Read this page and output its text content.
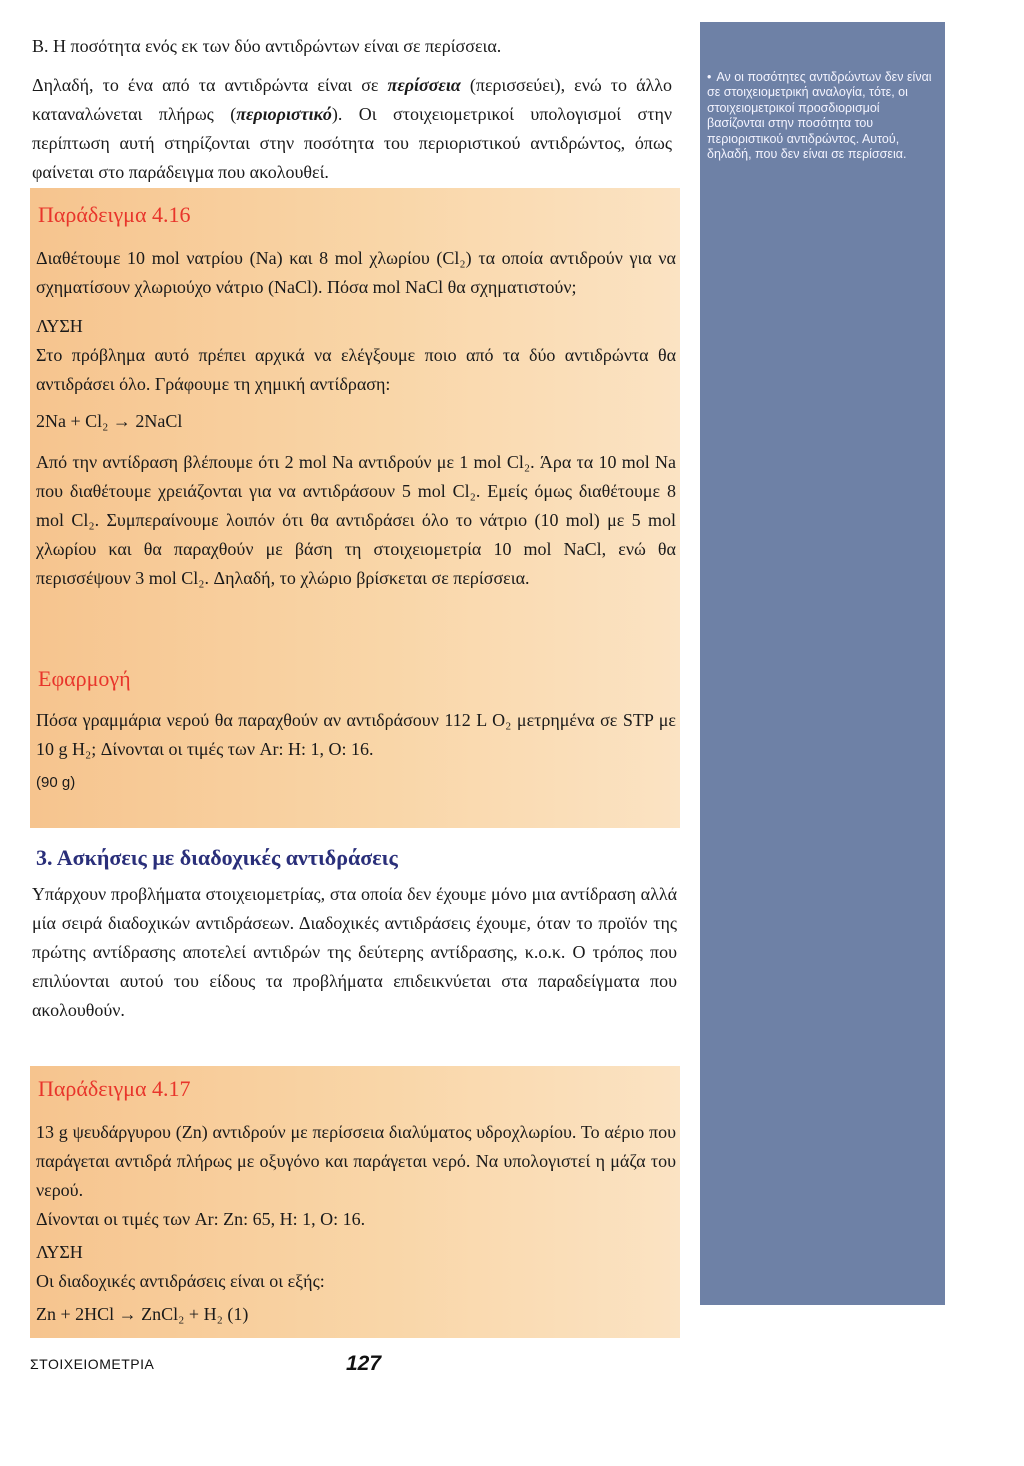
• Αν οι ποσότητες αντιδρώντων δεν είναι σε στοιχειομετρική αναλογία, τότε, οι στοιχειομετρικοί προσδιορισμοί βασίζονται στην ποσότητα του περιοριστικού αντιδρώντος. Αυτού, δηλαδή, που δεν είναι σε περίσσεια.

Β. Η ποσότητα ενός εκ των δύο αντιδρώντων είναι σε περίσσεια.

Δηλαδή, το ένα από τα αντιδρώντα είναι σε περίσσεια (περισσεύει), ενώ το άλλο καταναλώνεται πλήρως (περιοριστικό). Οι στοιχειομετρικοί υπολογισμοί στην περίπτωση αυτή στηρίζονται στην ποσότητα του περιοριστικού αντιδρώντος, όπως φαίνεται στο παράδειγμα που ακολουθεί.

Παράδειγμα 4.16

Διαθέτουμε 10 mol νατρίου (Na) και 8 mol χλωρίου (Cl₂) τα οποία αντιδρούν για να σχηματίσουν χλωριούχο νάτριο (NaCl). Πόσα mol NaCl θα σχηματιστούν;

ΛΥΣΗ

Στο πρόβλημα αυτό πρέπει αρχικά να ελέγξουμε ποιο από τα δύο αντιδρώντα θα αντιδράσει όλο. Γράφουμε τη χημική αντίδραση:

2Na + Cl₂ → 2NaCl

Από την αντίδραση βλέπουμε ότι 2 mol Na αντιδρούν με 1 mol Cl₂. Άρα τα 10 mol Na που διαθέτουμε χρειάζονται για να αντιδράσουν 5 mol Cl₂. Εμείς όμως διαθέτουμε 8 mol Cl₂. Συμπεραίνουμε λοιπόν ότι θα αντιδράσει όλο το νάτριο (10 mol) με 5 mol χλωρίου και θα παραχθούν με βάση τη στοιχειομετρία 10 mol NaCl, ενώ θα περισσέψουν 3 mol Cl₂. Δηλαδή, το χλώριο βρίσκεται σε περίσσεια.

Εφαρμογή

Πόσα γραμμάρια νερού θα παραχθούν αν αντιδράσουν 112 L O₂ μετρημένα σε STP με 10 g H₂; Δίνονται οι τιμές των Ar: H: 1, O: 16.

(90 g)

3. Ασκήσεις με διαδοχικές αντιδράσεις

Υπάρχουν προβλήματα στοιχειομετρίας, στα οποία δεν έχουμε μόνο μια αντίδραση αλλά μία σειρά διαδοχικών αντιδράσεων. Διαδοχικές αντιδράσεις έχουμε, όταν το προϊόν της πρώτης αντίδρασης αποτελεί αντιδρών της δεύτερης αντίδρασης, κ.ο.κ. Ο τρόπος που επιλύονται αυτού του είδους τα προβλήματα επιδεικνύεται στα παραδείγματα που ακολουθούν.

Παράδειγμα 4.17

13 g ψευδάργυρου (Zn) αντιδρούν με περίσσεια διαλύματος υδροχλωρίου. Το αέριο που παράγεται αντιδρά πλήρως με οξυγόνο και παράγεται νερό. Να υπολογιστεί η μάζα του νερού.

Δίνονται οι τιμές των Ar: Zn: 65, H: 1, O: 16.

ΛΥΣΗ

Οι διαδοχικές αντιδράσεις είναι οι εξής:

Zn + 2HCl → ZnCl₂ + H₂ (1)

ΣΤΟΙΧΕΙΟΜΕΤΡΙΑ	127
